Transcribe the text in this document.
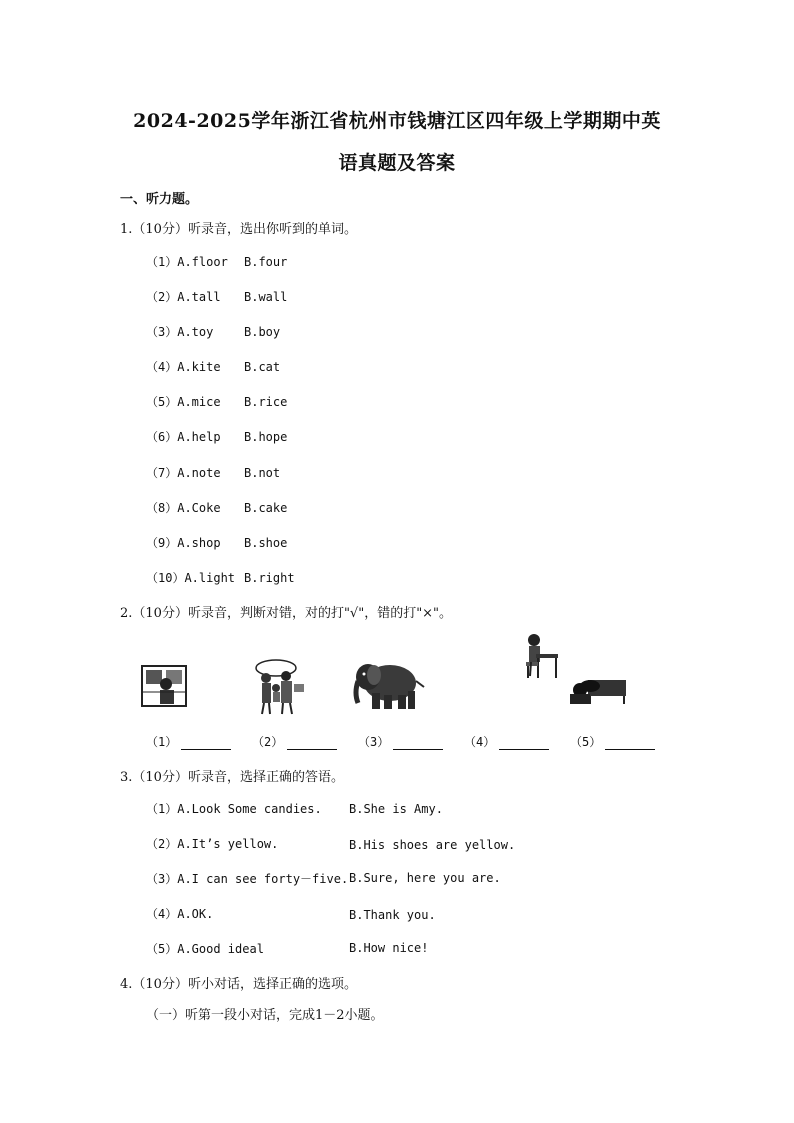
2024-2025学年浙江省杭州市钱塘江区四年级上学期期中英
语真题及答案
一、听力题。
1.（10分）听录音，选出你听到的单词。
（1）A.floor B.four
（2）A.tall B.wall
（3）A.toy	B.boy
（4）A.kite B.cat
（5）A.mice B.rice
（6）A.help B.hope
（7）A.note B.not
（8）A.Coke B.cake
（9）A.shop B.shoe
（10）A.light B.right
2.（10分）听录音，判断对错，对的打"√"，错的打"×"。
（1）	（2）	（3）	（4）	（5）
3.（10分）听录音，选择正确的答语。
（1）A.Look Some candies. B.She is Amy.
（2）A.It’s yellow.	B.His shoes are yellow.
（3）A.I can see forty－five. B.Sure, here you are.
（4）A.OK.	B.Thank you.
（5）A.Good ideal	B.How nice!
4.（10分）听小对话，选择正确的选项。
（一）听第一段小对话，完成1－2小题。
